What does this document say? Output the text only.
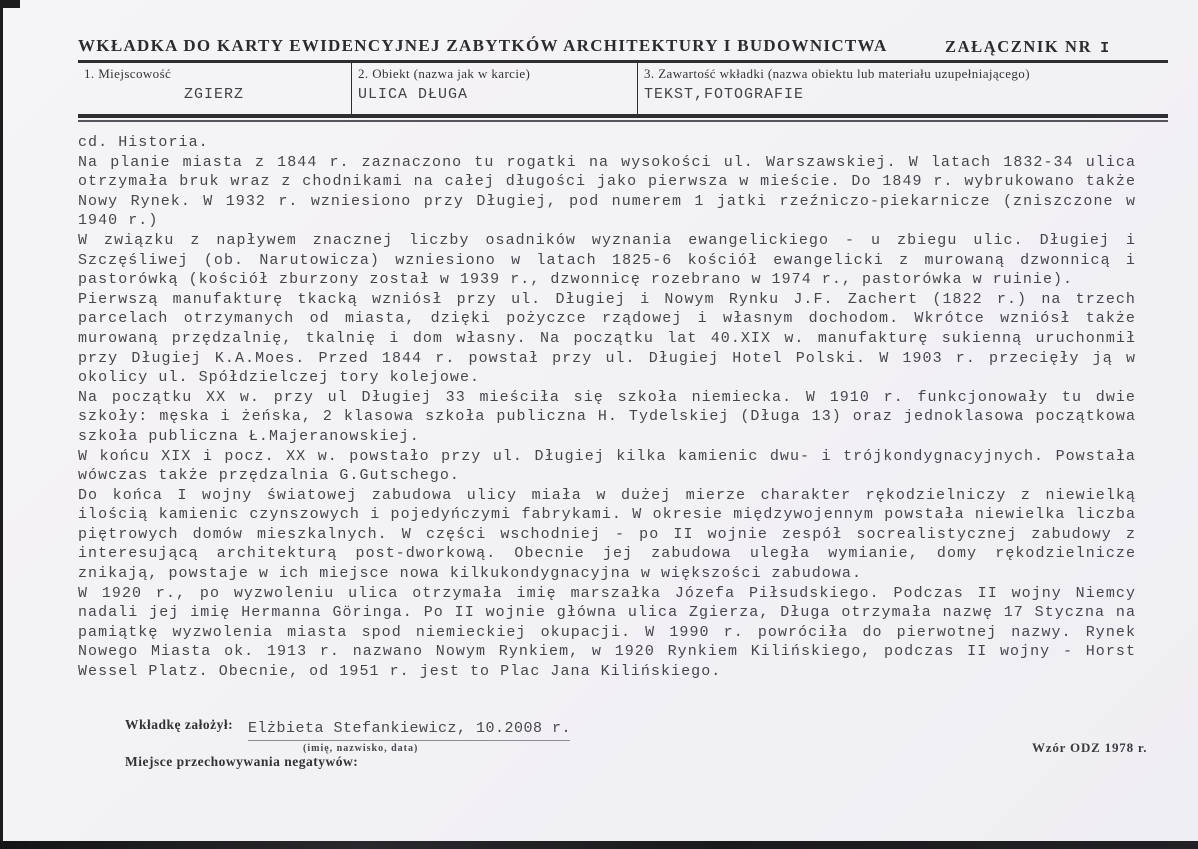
WKŁADKA DO KARTY EWIDENCYJNEJ ZABYTKÓW ARCHITEKTURY I BUDOWNICTWA	ZAŁĄCZNIK NR I
1. Miejscowość
ZGIERZ
2. Obiekt (nazwa jak w karcie)
ULICA DŁUGA
3. Zawartość wkładki (nazwa obiektu lub materiału uzupełniającego)
TEKST,FOTOGRAFIE

cd. Historia.

Na planie miasta z 1844 r. zaznaczono tu rogatki na wysokości ul. Warszawskiej. W latach 1832-34 ulica otrzymała bruk wraz z chodnikami na całej długości jako pierwsza w mieście. Do 1849 r. wybrukowano także Nowy Rynek. W 1932 r. wzniesiono przy Długiej, pod numerem 1 jatki rzeźniczo-piekarnicze (zniszczone w 1940 r.)

W związku z napływem znacznej liczby osadników wyznania ewangelickiego - u zbiegu ulic. Długiej i Szczęśliwej (ob. Narutowicza) wzniesiono w latach 1825-6 kościół ewangelicki z murowaną dzwonnicą i pastorówką (kościół zburzony został w 1939 r., dzwonnicę rozebrano w 1974 r., pastorówka w ruinie).

Pierwszą manufakturę tkacką wzniósł przy ul. Długiej i Nowym Rynku J.F. Zachert (1822 r.) na trzech parcelach otrzymanych od miasta, dzięki pożyczce rządowej i własnym dochodom. Wkrótce wzniósł także murowaną przędzalnię, tkalnię i dom własny. Na początku lat 40.XIX w. manufakturę sukienną uruchonmił przy Długiej K.A.Moes. Przed 1844 r. powstał przy ul. Długiej Hotel Polski. W 1903 r. przecięły ją w okolicy ul. Spółdzielczej tory kolejowe.

Na początku XX w. przy ul Długiej 33 mieściła się szkoła niemiecka. W 1910 r. funkcjonowały tu dwie szkoły: męska i żeńska, 2 klasowa szkoła publiczna H. Tydelskiej (Długa 13) oraz jednoklasowa początkowa szkoła publiczna Ł.Majeranowskiej.

W końcu XIX i pocz. XX w. powstało przy ul. Długiej kilka kamienic dwu- i trójkondygnacyjnych. Powstała wówczas także przędzalnia G.Gutschego.

Do końca I wojny światowej zabudowa ulicy miała w dużej mierze charakter rękodzielniczy z niewielką ilością kamienic czynszowych i pojedyńczymi fabrykami. W okresie międzywojennym powstała niewielka liczba piętrowych domów mieszkalnych. W części wschodniej - po II wojnie zespół socrealistycznej zabudowy z interesującą architekturą post-dworkową. Obecnie jej zabudowa uległa wymianie, domy rękodzielnicze znikają, powstaje w ich miejsce nowa kilkukondygnacyjna w większości zabudowa.

W 1920 r., po wyzwoleniu ulica otrzymała imię marszałka Józefa Piłsudskiego. Podczas II wojny Niemcy nadali jej imię Hermanna Göringa. Po II wojnie główna ulica Zgierza, Długa otrzymała nazwę 17 Styczna na pamiątkę wyzwolenia miasta spod niemieckiej okupacji. W 1990 r. powróciła do pierwotnej nazwy. Rynek Nowego Miasta ok. 1913 r. nazwano Nowym Rynkiem, w 1920 Rynkiem Kilińskiego, podczas II wojny - Horst Wessel Platz. Obecnie, od 1951 r. jest to Plac Jana Kilińskiego.

Wkładkę założył: Elżbieta Stefankiewicz, 10.2008 r.
(imię, nazwisko, data)
Miejsce przechowywania negatywów:
Wzór ODZ 1978 r.
